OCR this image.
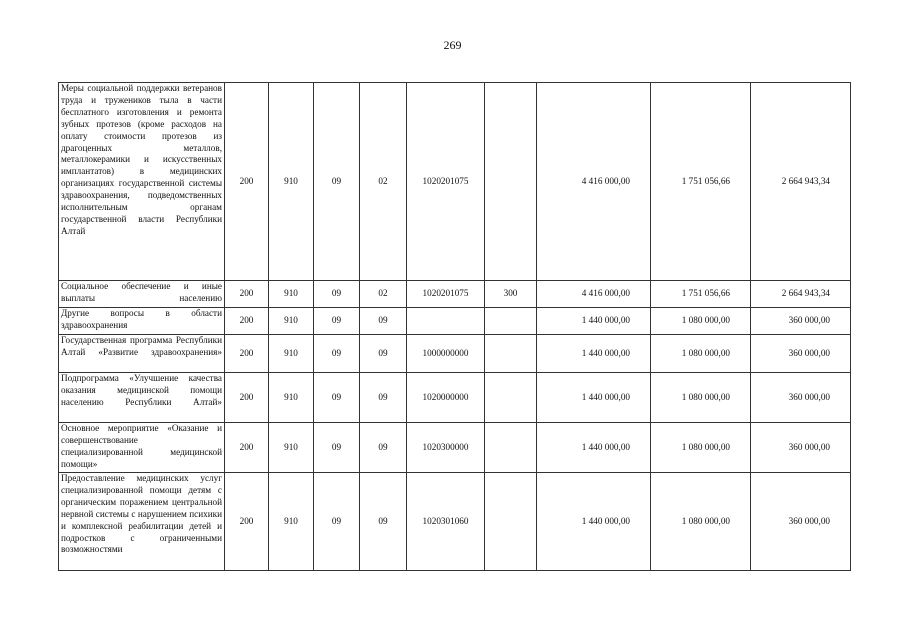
269
Меры социальной поддержки ветеранов труда и тружеников тыла в части бесплатного изготовления и ремонта зубных протезов (кроме расходов на оплату стоимости протезов из драгоценных металлов, металлокерамики и искусственных имплантатов) в медицинских организациях государственной системы здравоохранения, подведомственных исполнительным органам государственной власти Республики Алтай	200	910	09	02	1020201075		4 416 000,00	1 751 056,66	2 664 943,34
Социальное обеспечение и иные выплаты населению	200	910	09	02	1020201075	300	4 416 000,00	1 751 056,66	2 664 943,34
Другие вопросы в области здравоохранения	200	910	09	09			1 440 000,00	1 080 000,00	360 000,00
Государственная программа Республики Алтай «Развитие здравоохранения»	200	910	09	09	1000000000		1 440 000,00	1 080 000,00	360 000,00
Подпрограмма «Улучшение качества оказания медицинской помощи населению Республики Алтай»	200	910	09	09	1020000000		1 440 000,00	1 080 000,00	360 000,00
Основное мероприятие «Оказание и совершенствование специализированной медицинской помощи»	200	910	09	09	1020300000		1 440 000,00	1 080 000,00	360 000,00
Предоставление медицинских услуг специализированной помощи детям с органическим поражением центральной нервной системы с нарушением психики и комплексной реабилитации детей и подростков с ограниченными возможностями	200	910	09	09	1020301060		1 440 000,00	1 080 000,00	360 000,00
